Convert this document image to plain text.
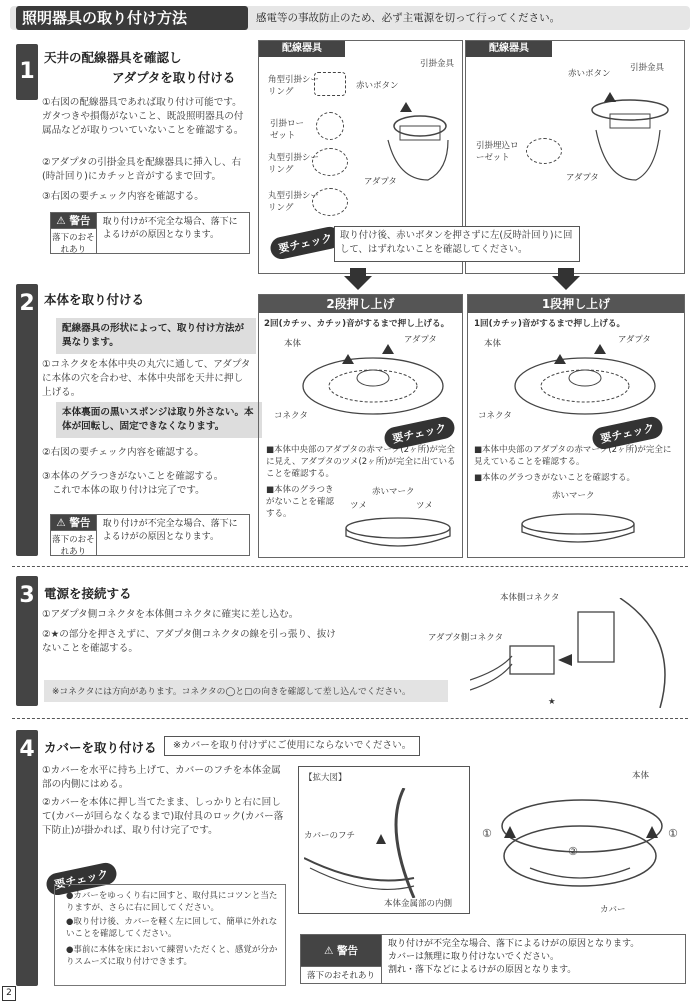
照明器具の取り付け方法	感電等の事故防止のため、必ず主電源を切って行ってください。
1
天井の配線器具を確認し
アダプタを取り付ける
①右図の配線器具であれば取り付け可能です。ガタつきや損傷がないこと、既設照明器具の付属品などが取りついていないことを確認する。
②アダプタの引掛金具を配線器具に挿入し、右(時計回り)にカチッと音がするまで回す。
③右図の要チェック内容を確認する。
⚠ 警告
落下のおそれあり
取り付けが不完全な場合、落下によるけがの原因となります。
配線器具
角型引掛シーリング
引掛ローゼット
丸型引掛シーリング
丸型引掛シーリング
赤いボタン
引掛金具
アダプタ
配線器具
引掛埋込ローゼット
赤いボタン
引掛金具
アダプタ
要チェック 取り付け後、赤いボタンを押さずに左(反時計回り)に回して、はずれないことを確認してください。
2 本体を取り付ける
配線器具の形状によって、取り付け方法が異なります。
①コネクタを本体中央の丸穴に通して、アダプタに本体の穴を合わせ、本体中央部を天井に押し上げる。
本体裏面の黒いスポンジは取り外さない。本体が回転し、固定できなくなります。
②右図の要チェック内容を確認する。
③本体のグラつきがないことを確認する。
これで本体の取り付けは完了です。
⚠ 警告
落下のおそれあり
取り付けが不完全な場合、落下によるけがの原因となります。
2段押し上げ
2回(カチッ、カチッ)音がするまで押し上げる。
本体	アダプタ
コネクタ
要チェック
■本体中央部のアダプタの赤マーク(2ヶ所)が完全に見え、アダプタのツメ(2ヶ所)が完全に出ていることを確認する。
■本体のグラつきがないことを確認する。
赤いマーク
ツメ	ツメ
1段押し上げ
1回(カチッ)音がするまで押し上げる。
本体	アダプタ
コネクタ
要チェック
■本体中央部のアダプタの赤マーク(2ヶ所)が完全に見えていることを確認する。
■本体のグラつきがないことを確認する。
赤いマーク
3 電源を接続する
①アダプタ側コネクタを本体側コネクタに確実に差し込む。
②★の部分を押さえずに、アダプタ側コネクタの線を引っ張り、抜けないことを確認する。
※コネクタには方向があります。コネクタの◯と□の向きを確認して差し込んでください。
本体側コネクタ
アダプタ側コネクタ
★
4 カバーを取り付ける	※カバーを取り付けずにご使用にならないでください。
①カバーを水平に持ち上げて、カバーのフチを本体金属部の内側にはめる。
②カバーを本体に押し当てたまま、しっかりと右に回して(カバーが回らなくなるまで)取付具のロック(カバー落下防止)が掛かれば、取り付け完了です。
要チェック
●カバーをゆっくり右に回すと、取付具にコツンと当たりますが、さらに右に回してください。
●取り付け後、カバーを軽く左に回して、簡単に外れないことを確認してください。
●事前に本体を床において練習いただくと、感覚が分かりスムーズに取り付けできます。
【拡大図】
カバーのフチ
本体金属部の内側
本体
カバー
①	①
②
⚠ 警告
落下のおそれあり
取り付けが不完全な場合、落下によるけがの原因となります。
カバーは無理に取り付けないでください。
割れ・落下などによるけがの原因となります。
2
